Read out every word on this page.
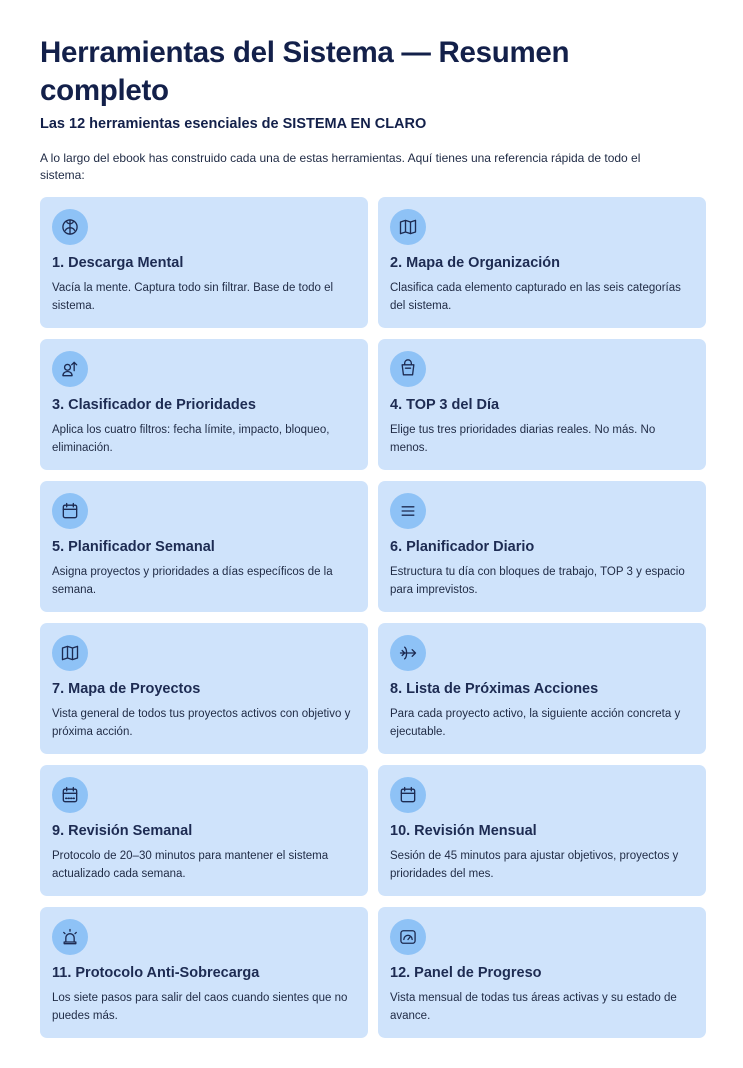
Herramientas del Sistema — Resumen completo
Las 12 herramientas esenciales de SISTEMA EN CLARO

A lo largo del ebook has construido cada una de estas herramientas. Aquí tienes una referencia rápida de todo el sistema:

1. Descarga Mental
Vacía la mente. Captura todo sin filtrar. Base de todo el sistema.
2. Mapa de Organización
Clasifica cada elemento capturado en las seis categorías del sistema.
3. Clasificador de Prioridades
Aplica los cuatro filtros: fecha límite, impacto, bloqueo, eliminación.
4. TOP 3 del Día
Elige tus tres prioridades diarias reales. No más. No menos.
5. Planificador Semanal
Asigna proyectos y prioridades a días específicos de la semana.
6. Planificador Diario
Estructura tu día con bloques de trabajo, TOP 3 y espacio para imprevistos.
7. Mapa de Proyectos
Vista general de todos tus proyectos activos con objetivo y próxima acción.
8. Lista de Próximas Acciones
Para cada proyecto activo, la siguiente acción concreta y ejecutable.
9. Revisión Semanal
Protocolo de 20–30 minutos para mantener el sistema actualizado cada semana.
10. Revisión Mensual
Sesión de 45 minutos para ajustar objetivos, proyectos y prioridades del mes.
11. Protocolo Anti-Sobrecarga
Los siete pasos para salir del caos cuando sientes que no puedes más.
12. Panel de Progreso
Vista mensual de todas tus áreas activas y su estado de avance.
